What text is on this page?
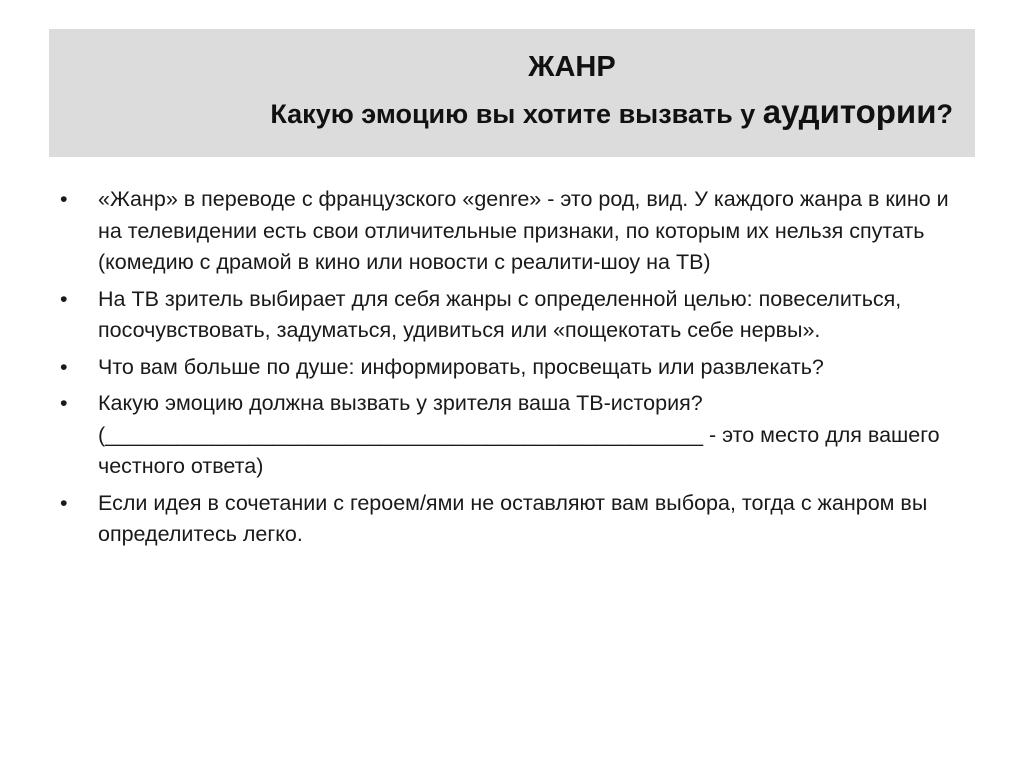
ЖАНР
Какую эмоцию вы хотите вызвать у аудитории?
• «Жанр» в переводе с французского «genre» - это род, вид. У каждого жанра в кино и на телевидении есть свои отличительные признаки, по которым их нельзя спутать (комедию с драмой в кино или новости с реалити-шоу на ТВ)
• На ТВ зритель выбирает для себя жанры с определенной целью: повеселиться, посочувствовать, задуматься, удивиться или «пощекотать себе нервы».
• Что вам больше по душе: информировать, просвещать или развлекать?
• Какую эмоцию должна вызвать у зрителя ваша ТВ-история? (__________________________________________________ - это место для вашего честного ответа)
• Если идея в сочетании с героем/ями не оставляют вам выбора, тогда с жанром вы определитесь легко.
